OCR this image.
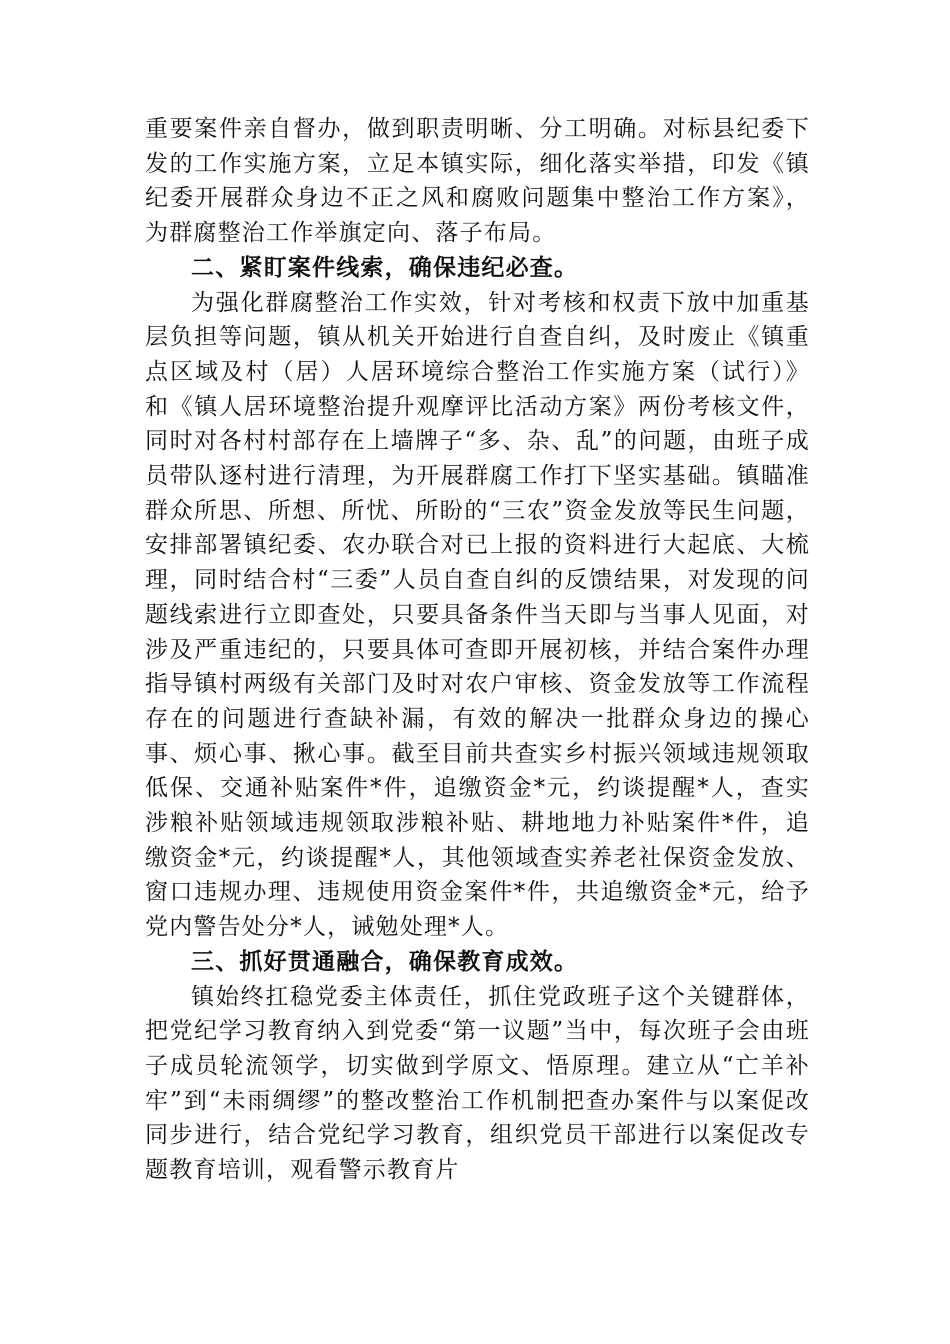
重要案件亲自督办，做到职责明晰、分工明确。对标县纪委下发的工作实施方案，立足本镇实际，细化落实举措，印发《镇纪委开展群众身边不正之风和腐败问题集中整治工作方案》，为群腐整治工作举旗定向、落子布局。

二、紧盯案件线索，确保违纪必查。

为强化群腐整治工作实效，针对考核和权责下放中加重基层负担等问题，镇从机关开始进行自查自纠，及时废止《镇重点区域及村（居）人居环境综合整治工作实施方案（试行）》和《镇人居环境整治提升观摩评比活动方案》两份考核文件，同时对各村村部存在上墙牌子“多、杂、乱”的问题，由班子成员带队逐村进行清理，为开展群腐工作打下坚实基础。镇瞄准群众所思、所想、所忧、所盼的“三农”资金发放等民生问题，安排部署镇纪委、农办联合对已上报的资料进行大起底、大梳理，同时结合村“三委”人员自查自纠的反馈结果，对发现的问题线索进行立即查处，只要具备条件当天即与当事人见面，对涉及严重违纪的，只要具体可查即开展初核，并结合案件办理指导镇村两级有关部门及时对农户审核、资金发放等工作流程存在的问题进行查缺补漏，有效的解决一批群众身边的操心事、烦心事、揪心事。截至目前共查实乡村振兴领域违规领取低保、交通补贴案件*件，追缴资金*元，约谈提醒*人，查实涉粮补贴领域违规领取涉粮补贴、耕地地力补贴案件*件，追缴资金*元，约谈提醒*人，其他领域查实养老社保资金发放、窗口违规办理、违规使用资金案件*件，共追缴资金*元，给予党内警告处分*人，诫勉处理*人。

三、抓好贯通融合，确保教育成效。

镇始终扛稳党委主体责任，抓住党政班子这个关键群体，把党纪学习教育纳入到党委“第一议题”当中，每次班子会由班子成员轮流领学，切实做到学原文、悟原理。建立从“亡羊补牢”到“未雨绸缪”的整改整治工作机制把查办案件与以案促改同步进行，结合党纪学习教育，组织党员干部进行以案促改专题教育培训，观看警示教育片
